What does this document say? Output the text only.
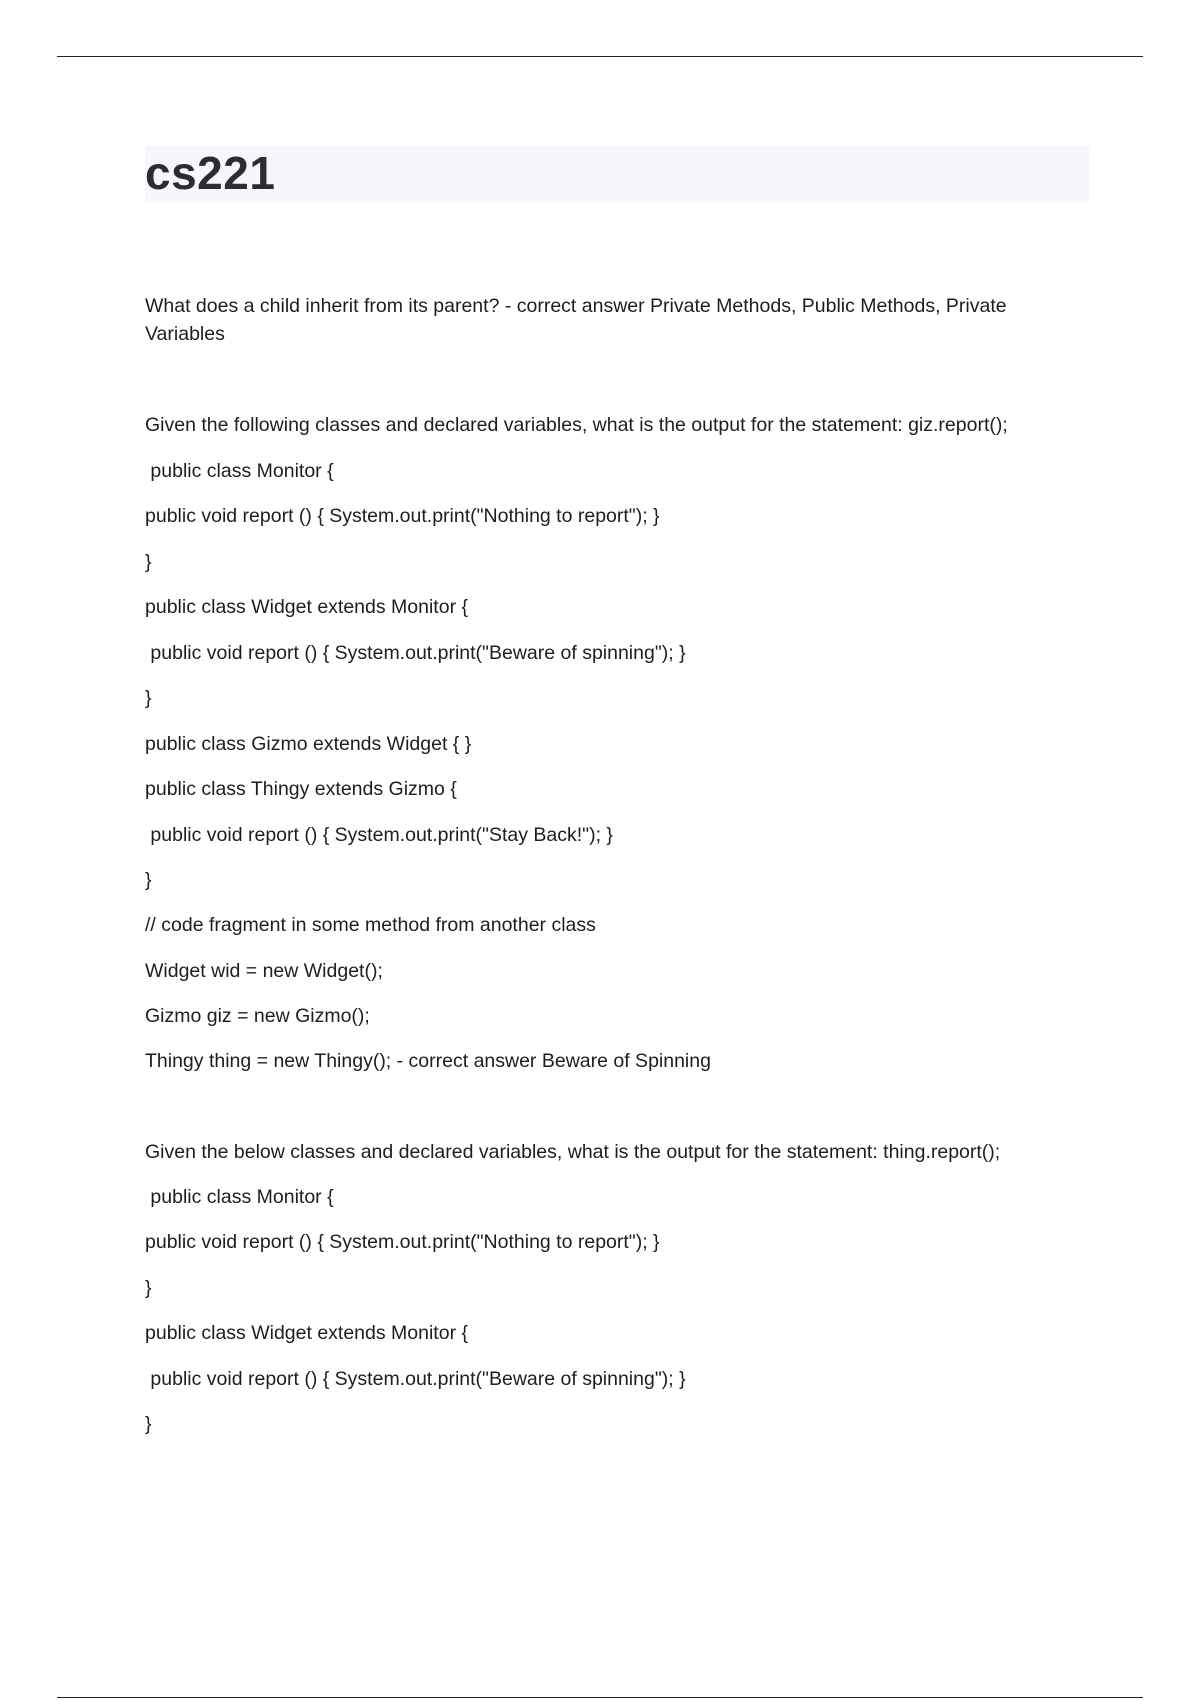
cs221

What does a child inherit from its parent? - correct answer Private Methods, Public Methods, Private Variables

Given the following classes and declared variables, what is the output for the statement: giz.report();

public class Monitor {

public void report () { System.out.print("Nothing to report"); }

}

public class Widget extends Monitor {

public void report () { System.out.print("Beware of spinning"); }

}

public class Gizmo extends Widget { }

public class Thingy extends Gizmo {

public void report () { System.out.print("Stay Back!"); }

}

// code fragment in some method from another class

Widget wid = new Widget();

Gizmo giz = new Gizmo();

Thingy thing = new Thingy(); - correct answer Beware of Spinning

Given the below classes and declared variables, what is the output for the statement: thing.report();

public class Monitor {

public void report () { System.out.print("Nothing to report"); }

}

public class Widget extends Monitor {

public void report () { System.out.print("Beware of spinning"); }

}
